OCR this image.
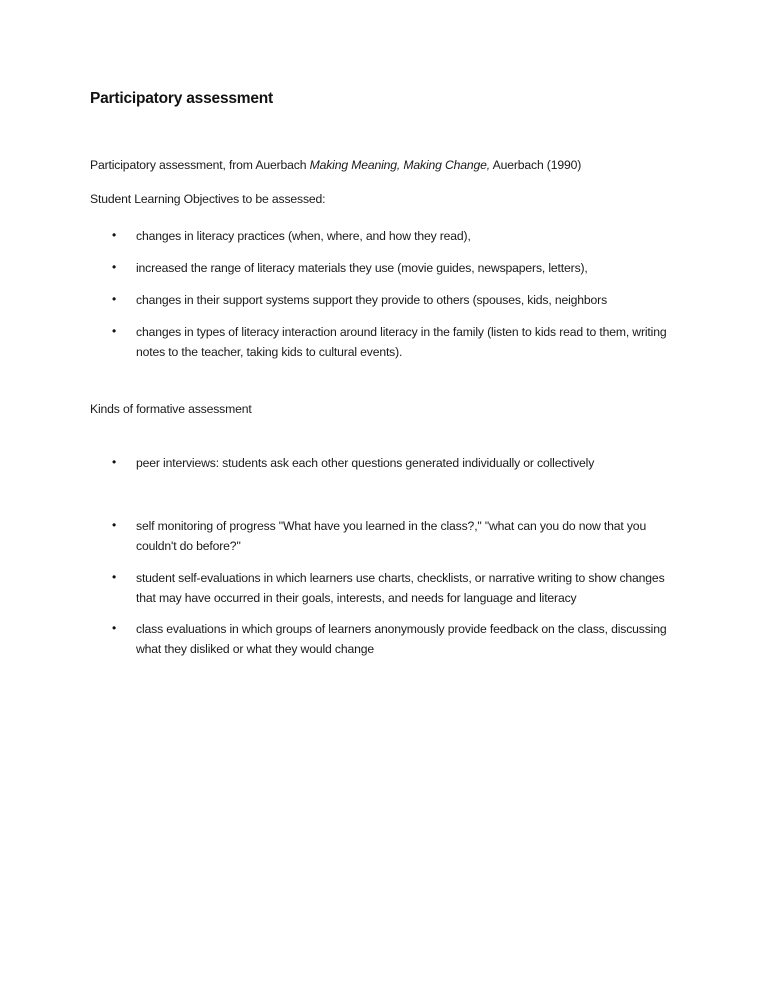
Participatory assessment
Participatory assessment, from Auerbach Making Meaning, Making Change, Auerbach (1990)
Student Learning Objectives to be assessed:
• changes in literacy practices (when, where, and how they read),
• increased the range of literacy materials they use (movie guides, newspapers, letters),
• changes in their support systems support they provide to others (spouses, kids, neighbors
• changes in types of literacy interaction around literacy in the family (listen to kids read to them, writing notes to the teacher, taking kids to cultural events).
Kinds of formative assessment
• peer interviews: students ask each other questions generated individually or collectively
• self monitoring of progress "What have you learned in the class?," "what can you do now that you couldn't do before?"
• student self-evaluations in which learners use charts, checklists, or narrative writing to show changes that may have occurred in their goals, interests, and needs for language and literacy
• class evaluations in which groups of learners anonymously provide feedback on the class, discussing what they disliked or what they would change
